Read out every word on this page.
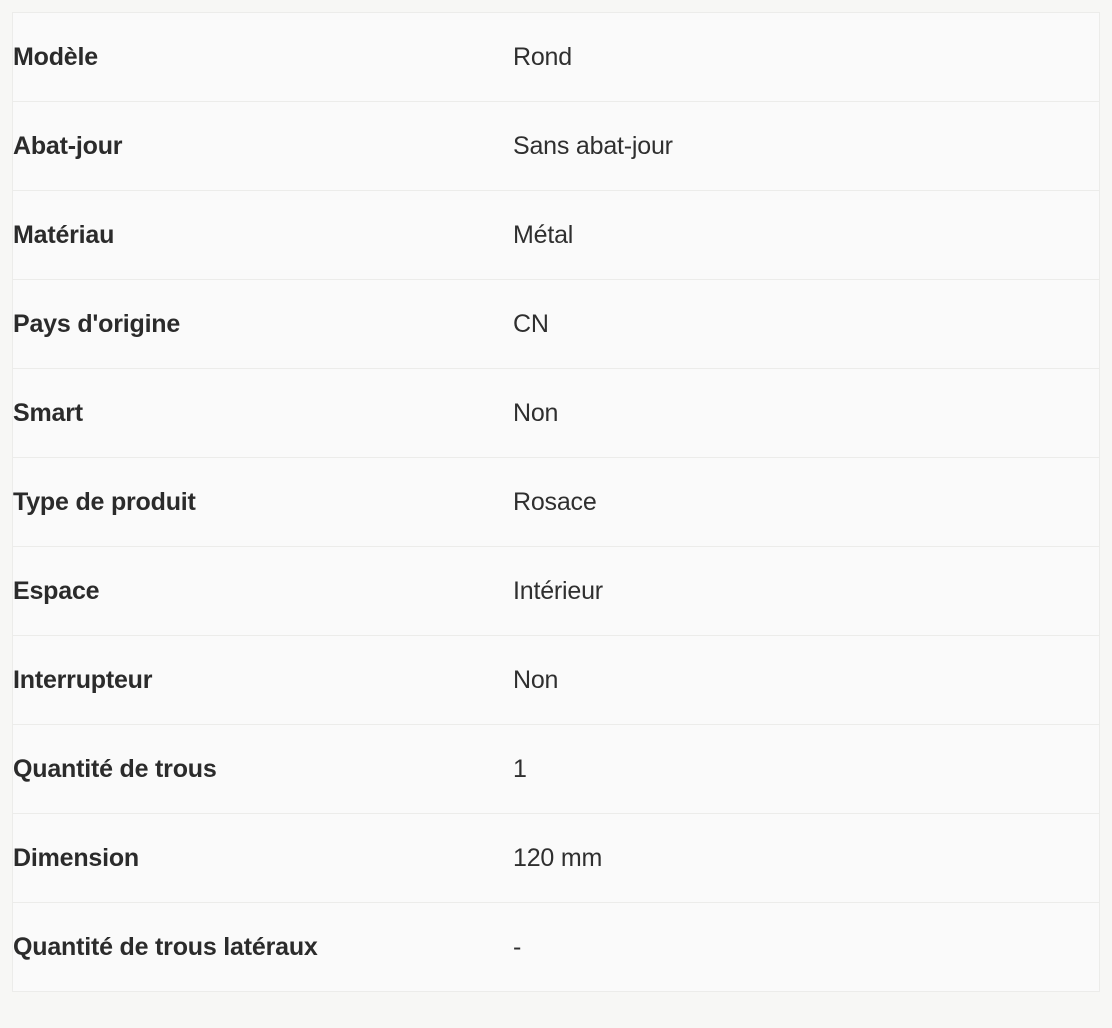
Modèle	Rond
Abat-jour	Sans abat-jour
Matériau	Métal
Pays d'origine	CN
Smart	Non
Type de produit	Rosace
Espace	Intérieur
Interrupteur	Non
Quantité de trous	1
Dimension	120 mm
Quantité de trous latéraux	-
